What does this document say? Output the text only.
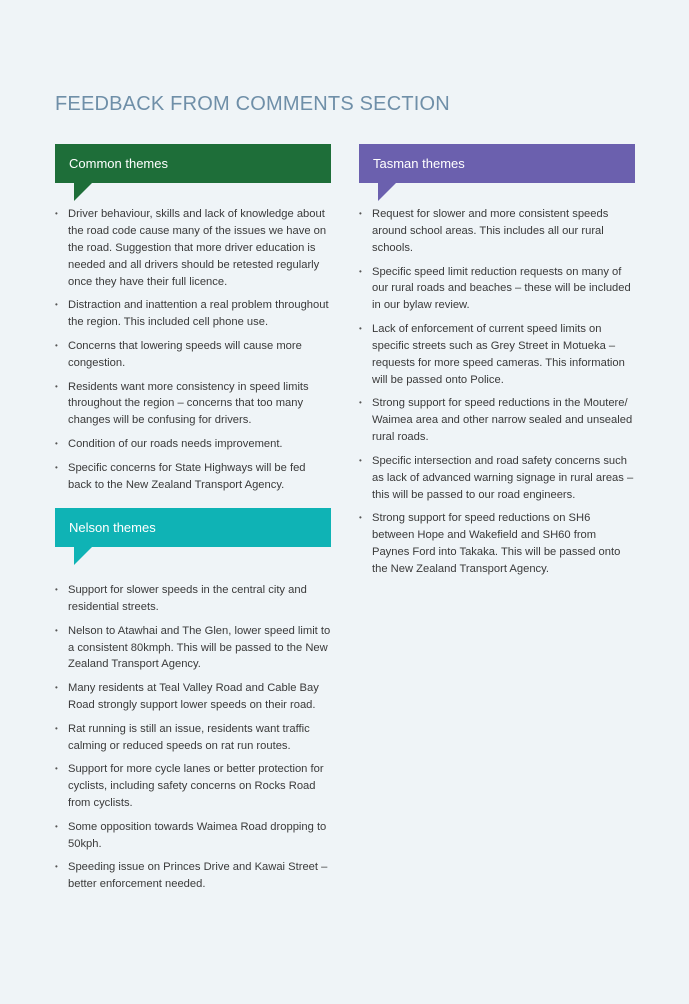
FEEDBACK FROM COMMENTS SECTION
Common themes
• Driver behaviour, skills and lack of knowledge about the road code cause many of the issues we have on the road. Suggestion that more driver education is needed and all drivers should be retested regularly once they have their full licence.
• Distraction and inattention a real problem throughout the region. This included cell phone use.
• Concerns that lowering speeds will cause more congestion.
• Residents want more consistency in speed limits throughout the region – concerns that too many changes will be confusing for drivers.
• Condition of our roads needs improvement.
• Specific concerns for State Highways will be fed back to the New Zealand Transport Agency.
Nelson themes
• Support for slower speeds in the central city and residential streets.
• Nelson to Atawhai and The Glen, lower speed limit to a consistent 80kmph. This will be passed to the New Zealand Transport Agency.
• Many residents at Teal Valley Road and Cable Bay Road strongly support lower speeds on their road.
• Rat running is still an issue, residents want traffic calming or reduced speeds on rat run routes.
• Support for more cycle lanes or better protection for cyclists, including safety concerns on Rocks Road from cyclists.
• Some opposition towards Waimea Road dropping to 50kph.
• Speeding issue on Princes Drive and Kawai Street – better enforcement needed.
Tasman themes
• Request for slower and more consistent speeds around school areas. This includes all our rural schools.
• Specific speed limit reduction requests on many of our rural roads and beaches – these will be included in our bylaw review.
• Lack of enforcement of current speed limits on specific streets such as Grey Street in Motueka – requests for more speed cameras. This information will be passed onto Police.
• Strong support for speed reductions in the Moutere/ Waimea area and other narrow sealed and unsealed rural roads.
• Specific intersection and road safety concerns such as lack of advanced warning signage in rural areas – this will be passed to our road engineers.
• Strong support for speed reductions on SH6 between Hope and Wakefield and SH60 from Paynes Ford into Takaka. This will be passed onto the New Zealand Transport Agency.
